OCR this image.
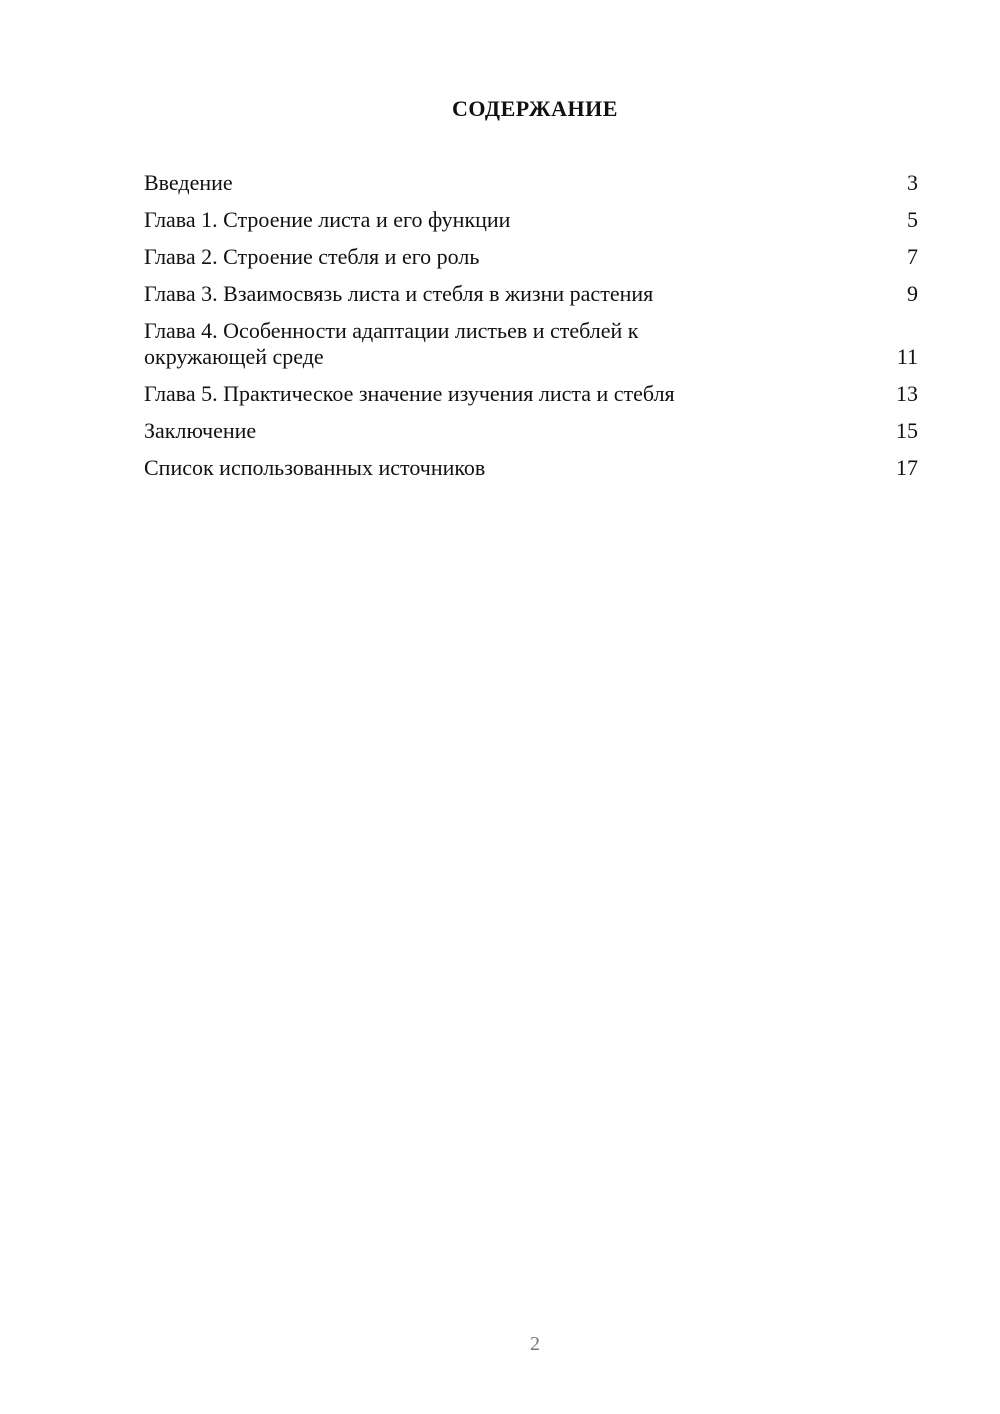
СОДЕРЖАНИЕ
Введение	3
Глава 1. Строение листа и его функции	5
Глава 2. Строение стебля и его роль	7
Глава 3. Взаимосвязь листа и стебля в жизни растения	9
Глава 4. Особенности адаптации листьев и стеблей к окружающей среде	11
Глава 5. Практическое значение изучения листа и стебля	13
Заключение	15
Список использованных источников	17
2
